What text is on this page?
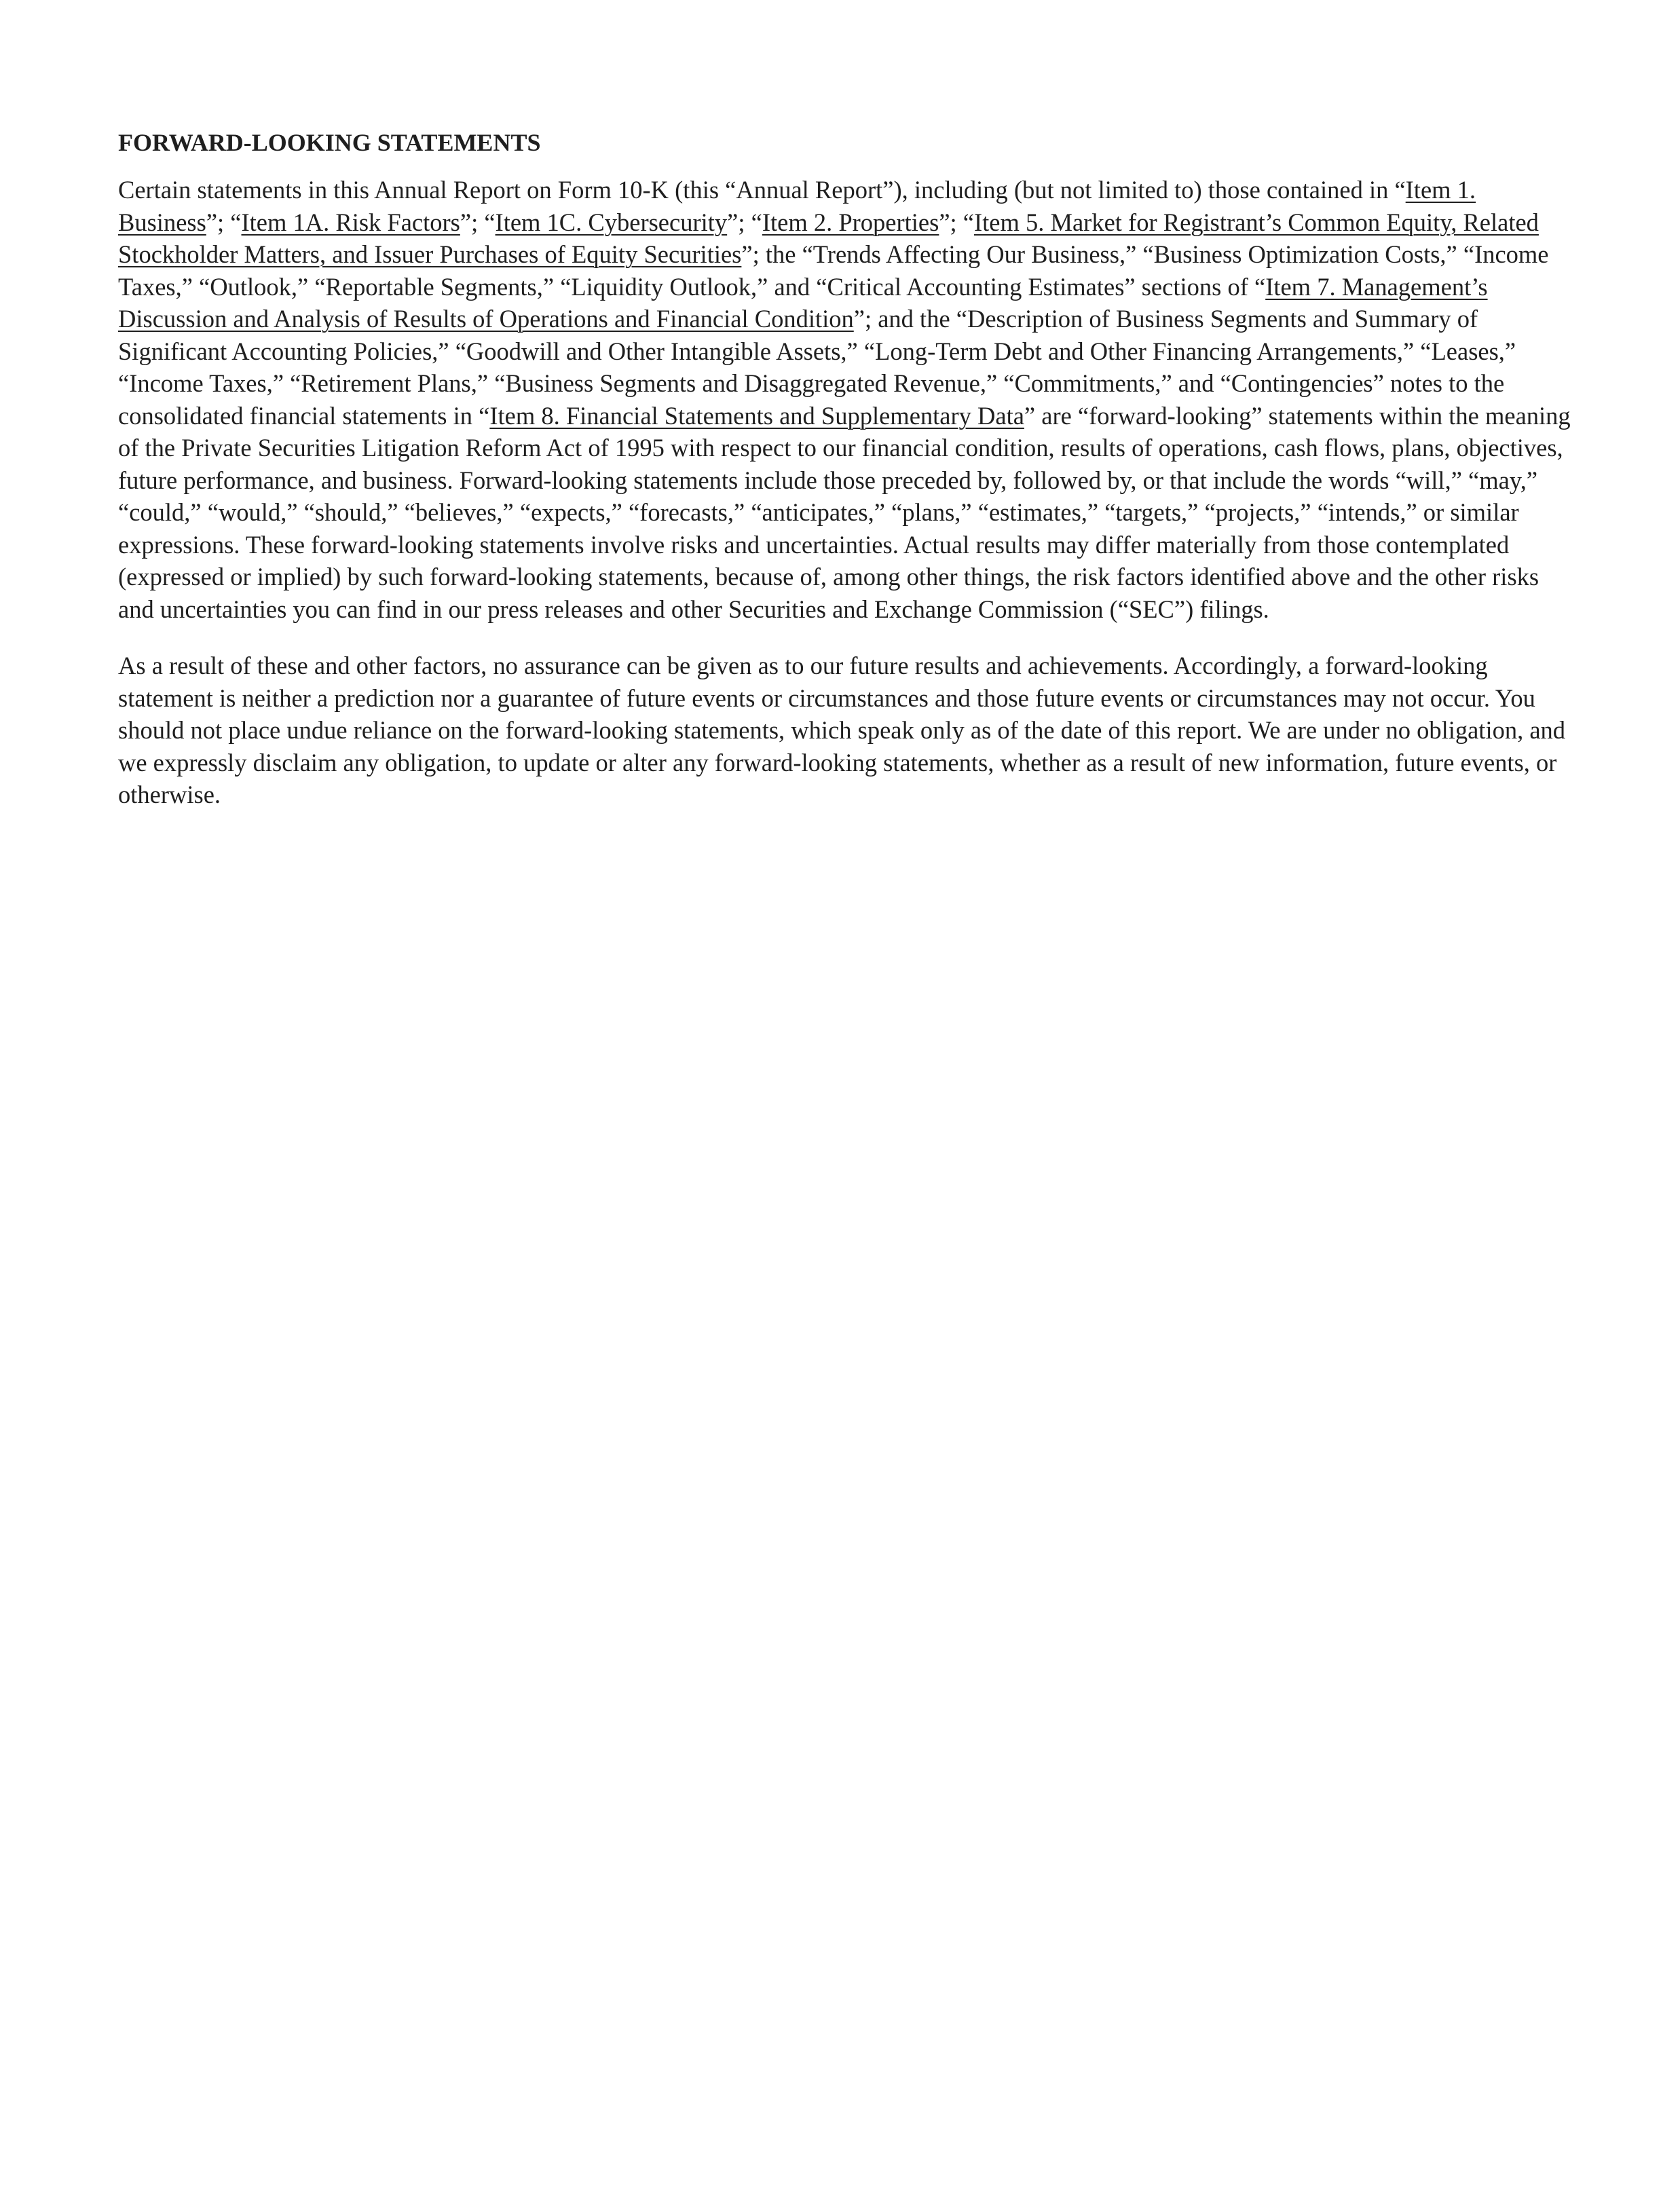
FORWARD-LOOKING STATEMENTS

Certain statements in this Annual Report on Form 10-K (this “Annual Report”), including (but not limited to) those contained in “Item 1. Business”; “Item 1A. Risk Factors”; “Item 1C. Cybersecurity”; “Item 2. Properties”; “Item 5. Market for Registrant’s Common Equity, Related Stockholder Matters, and Issuer Purchases of Equity Securities”; the “Trends Affecting Our Business,” “Business Optimization Costs,” “Income Taxes,” “Outlook,” “Reportable Segments,” “Liquidity Outlook,” and “Critical Accounting Estimates” sections of “Item 7. Management’s Discussion and Analysis of Results of Operations and Financial Condition”; and the “Description of Business Segments and Summary of Significant Accounting Policies,” “Goodwill and Other Intangible Assets,” “Long-Term Debt and Other Financing Arrangements,” “Leases,” “Income Taxes,” “Retirement Plans,” “Business Segments and Disaggregated Revenue,” “Commitments,” and “Contingencies” notes to the consolidated financial statements in “Item 8. Financial Statements and Supplementary Data” are “forward-looking” statements within the meaning of the Private Securities Litigation Reform Act of 1995 with respect to our financial condition, results of operations, cash flows, plans, objectives, future performance, and business. Forward-looking statements include those preceded by, followed by, or that include the words “will,” “may,” “could,” “would,” “should,” “believes,” “expects,” “forecasts,” “anticipates,” “plans,” “estimates,” “targets,” “projects,” “intends,” or similar expressions. These forward-looking statements involve risks and uncertainties. Actual results may differ materially from those contemplated (expressed or implied) by such forward-looking statements, because of, among other things, the risk factors identified above and the other risks and uncertainties you can find in our press releases and other Securities and Exchange Commission (“SEC”) filings.

As a result of these and other factors, no assurance can be given as to our future results and achievements. Accordingly, a forward-looking statement is neither a prediction nor a guarantee of future events or circumstances and those future events or circumstances may not occur. You should not place undue reliance on the forward-looking statements, which speak only as of the date of this report. We are under no obligation, and we expressly disclaim any obligation, to update or alter any forward-looking statements, whether as a result of new information, future events, or otherwise.
